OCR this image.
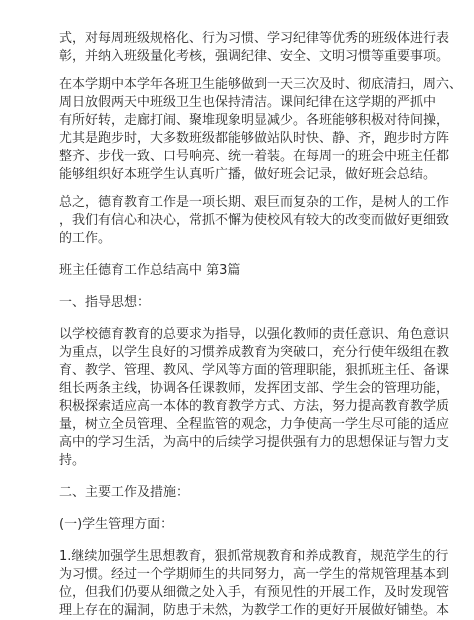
式，对每周班级规格化、行为习惯、学习纪律等优秀的班级体进行表
彰，并纳入班级量化考核，强调纪律、安全、文明习惯等重要事项。
在本学期中本学年各班卫生能够做到一天三次及时、彻底清扫，周六、
周日放假两天中班级卫生也保持清洁。课间纪律在这学期的严抓中
有所好转，走廊打闹、聚堆现象明显减少。各班能够积极对待间操，
尤其是跑步时，大多数班级都能够做站队时快、静、齐，跑步时方阵
整齐、步伐一致、口号响亮、统一着装。在每周一的班会中班主任都
能够组织好本班学生认真听广播，做好班会记录，做好班会总结。
总之，德育教育工作是一项长期、艰巨而复杂的工作，是树人的工作
，我们有信心和决心，常抓不懈为使校风有较大的改变而做好更细致
的工作。
班主任德育工作总结高中 第3篇
一、指导思想：
以学校德育教育的总要求为指导，以强化教师的责任意识、角色意识
为重点，以学生良好的习惯养成教育为突破口，充分行使年级组在教
育、教学、管理、教风、学风等方面的管理职能，狠抓班主任、备课
组长两条主线，协调各任课教师，发挥团支部、学生会的管理功能，
积极探索适应高一本体的教育教学方式、方法，努力提高教育教学质
量，树立全员管理、全程监管的观念，力争使高一学生尽可能的适应
高中的学习生活，为高中的后续学习提供强有力的思想保证与智力支
持。
二、主要工作及措施：
(一)学生管理方面：
1.继续加强学生思想教育，狠抓常规教育和养成教育，规范学生的行
为习惯。经过一个学期师生的共同努力，高一学生的常规管理基本到
位，但我们仍要从细微之处入手，有预见性的开展工作，及时发现管
理上存在的漏洞，防患于未然，为教学工作的更好开展做好铺垫。本
